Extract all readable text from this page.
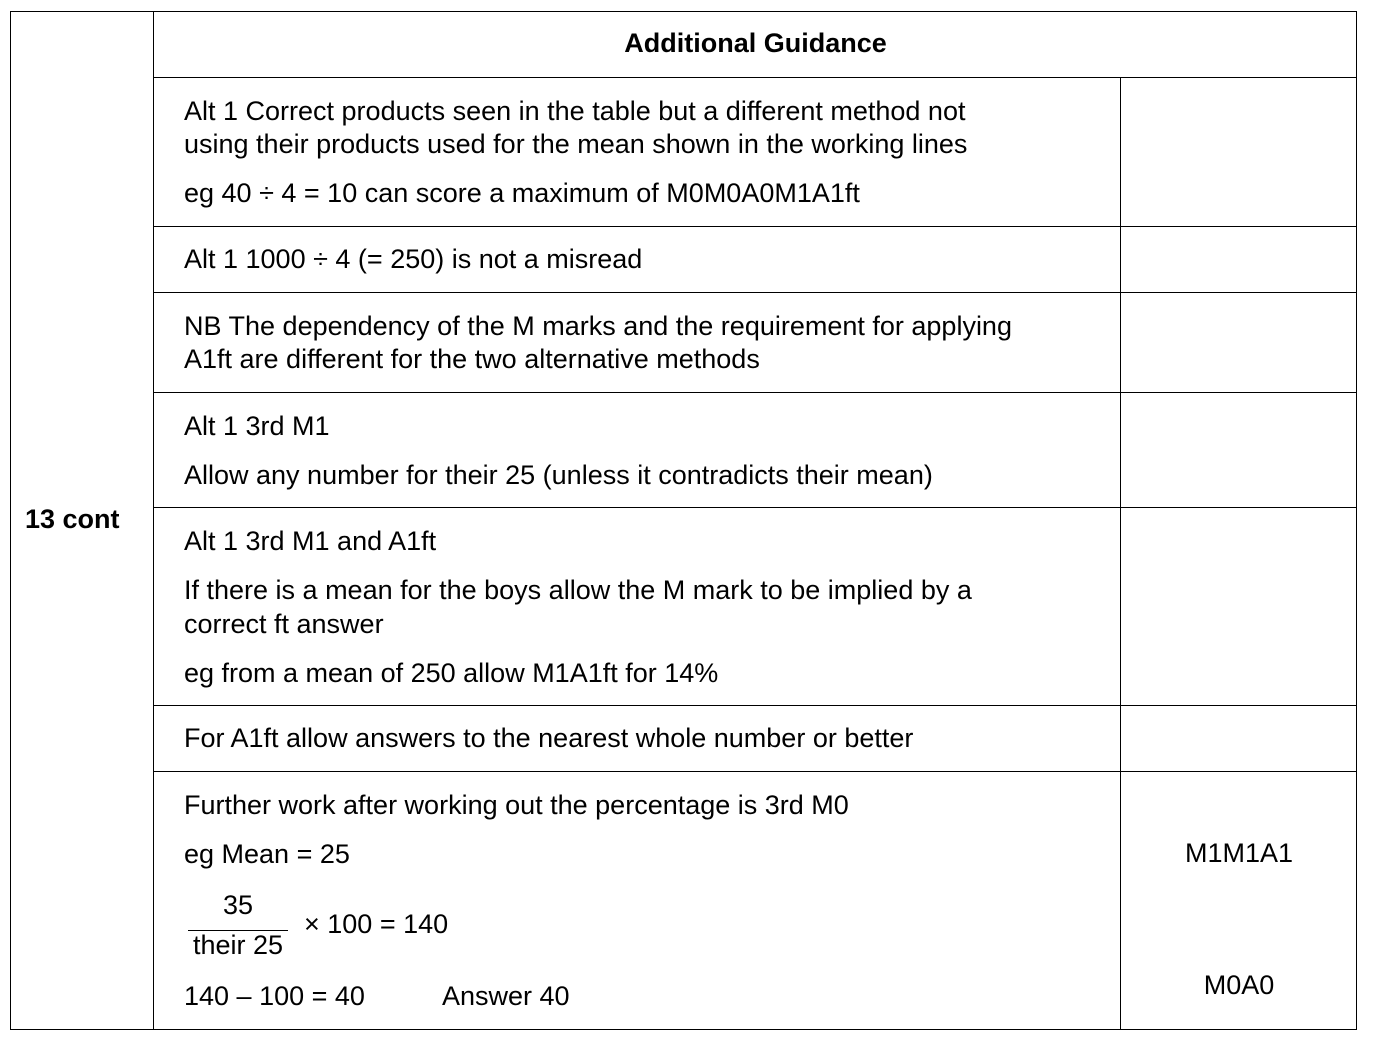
13 cont
Additional Guidance
Alt 1 Correct products seen in the table but a different method not
using their products used for the mean shown in the working lines
eg 40 ÷ 4 = 10 can score a maximum of M0M0A0M1A1ft
Alt 1 1000 ÷ 4 (= 250) is not a misread
NB The dependency of the M marks and the requirement for applying
A1ft are different for the two alternative methods
Alt 1 3rd M1
Allow any number for their 25 (unless it contradicts their mean)
Alt 1 3rd M1 and A1ft
If there is a mean for the boys allow the M mark to be implied by a
correct ft answer
eg from a mean of 250 allow M1A1ft for 14%
For A1ft allow answers to the nearest whole number or better
Further work after working out the percentage is 3rd M0
eg Mean = 25
35
their 25
× 100 = 140
140 – 100 = 40	Answer 40
M1M1A1
M0A0
